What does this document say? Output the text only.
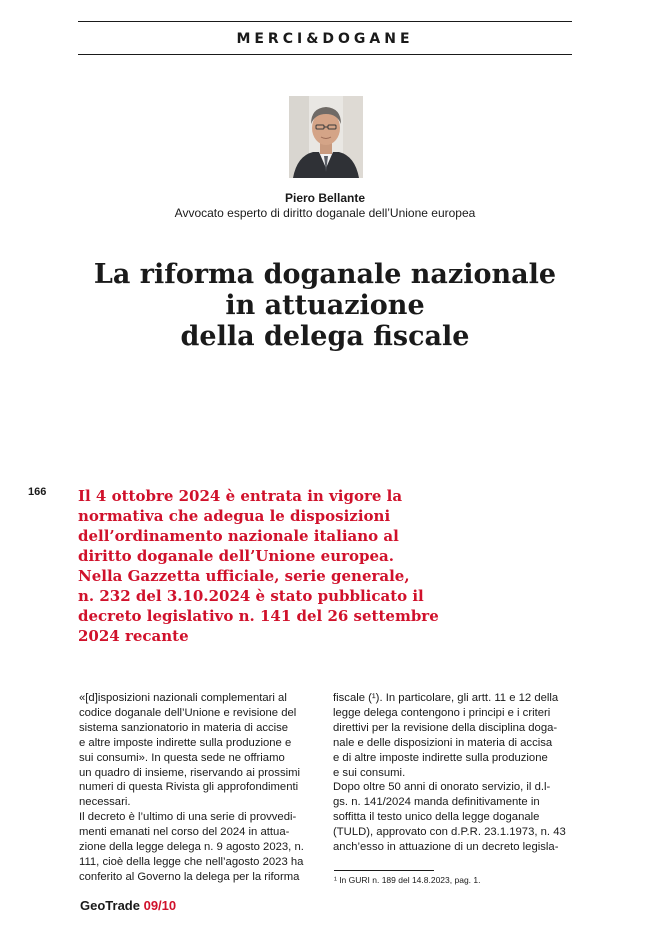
MERCI&DOGANE
Piero Bellante
Avvocato esperto di diritto doganale dell’Unione europea
La riforma doganale nazionale
in attuazione
della delega fiscale
166 Il 4 ottobre 2024 è entrata in vigore la
normativa che adegua le disposizioni
dell’ordinamento nazionale italiano al
diritto doganale dell’Unione europea.
Nella Gazzetta ufficiale, serie generale,
n. 232 del 3.10.2024 è stato pubblicato il
decreto legislativo n. 141 del 26 settembre
2024 recante

«[d]isposizioni nazionali complementari al
codice doganale dell’Unione e revisione del
sistema sanzionatorio in materia di accise
e altre imposte indirette sulla produzione e
sui consumi». In questa sede ne offriamo
un quadro di insieme, riservando ai prossimi
numeri di questa Rivista gli approfondimenti
necessari.
Il decreto è l’ultimo di una serie di provvedi-
menti emanati nel corso del 2024 in attua-
zione della legge delega n. 9 agosto 2023, n.
111, cioè della legge che nell’agosto 2023 ha
conferito al Governo la delega per la riforma

fiscale (¹). In particolare, gli artt. 11 e 12 della
legge delega contengono i principi e i criteri
direttivi per la revisione della disciplina doga-
nale e delle disposizioni in materia di accisa
e di altre imposte indirette sulla produzione
e sui consumi.
Dopo oltre 50 anni di onorato servizio, il d.l-
gs. n. 141/2024 manda definitivamente in
soffitta il testo unico della legge doganale
(TULD), approvato con d.P.R. 23.1.1973, n. 43
anch’esso in attuazione di un decreto legisla-

¹ In GURI n. 189 del 14.8.2023, pag. 1.
GeoTrade 09/10
